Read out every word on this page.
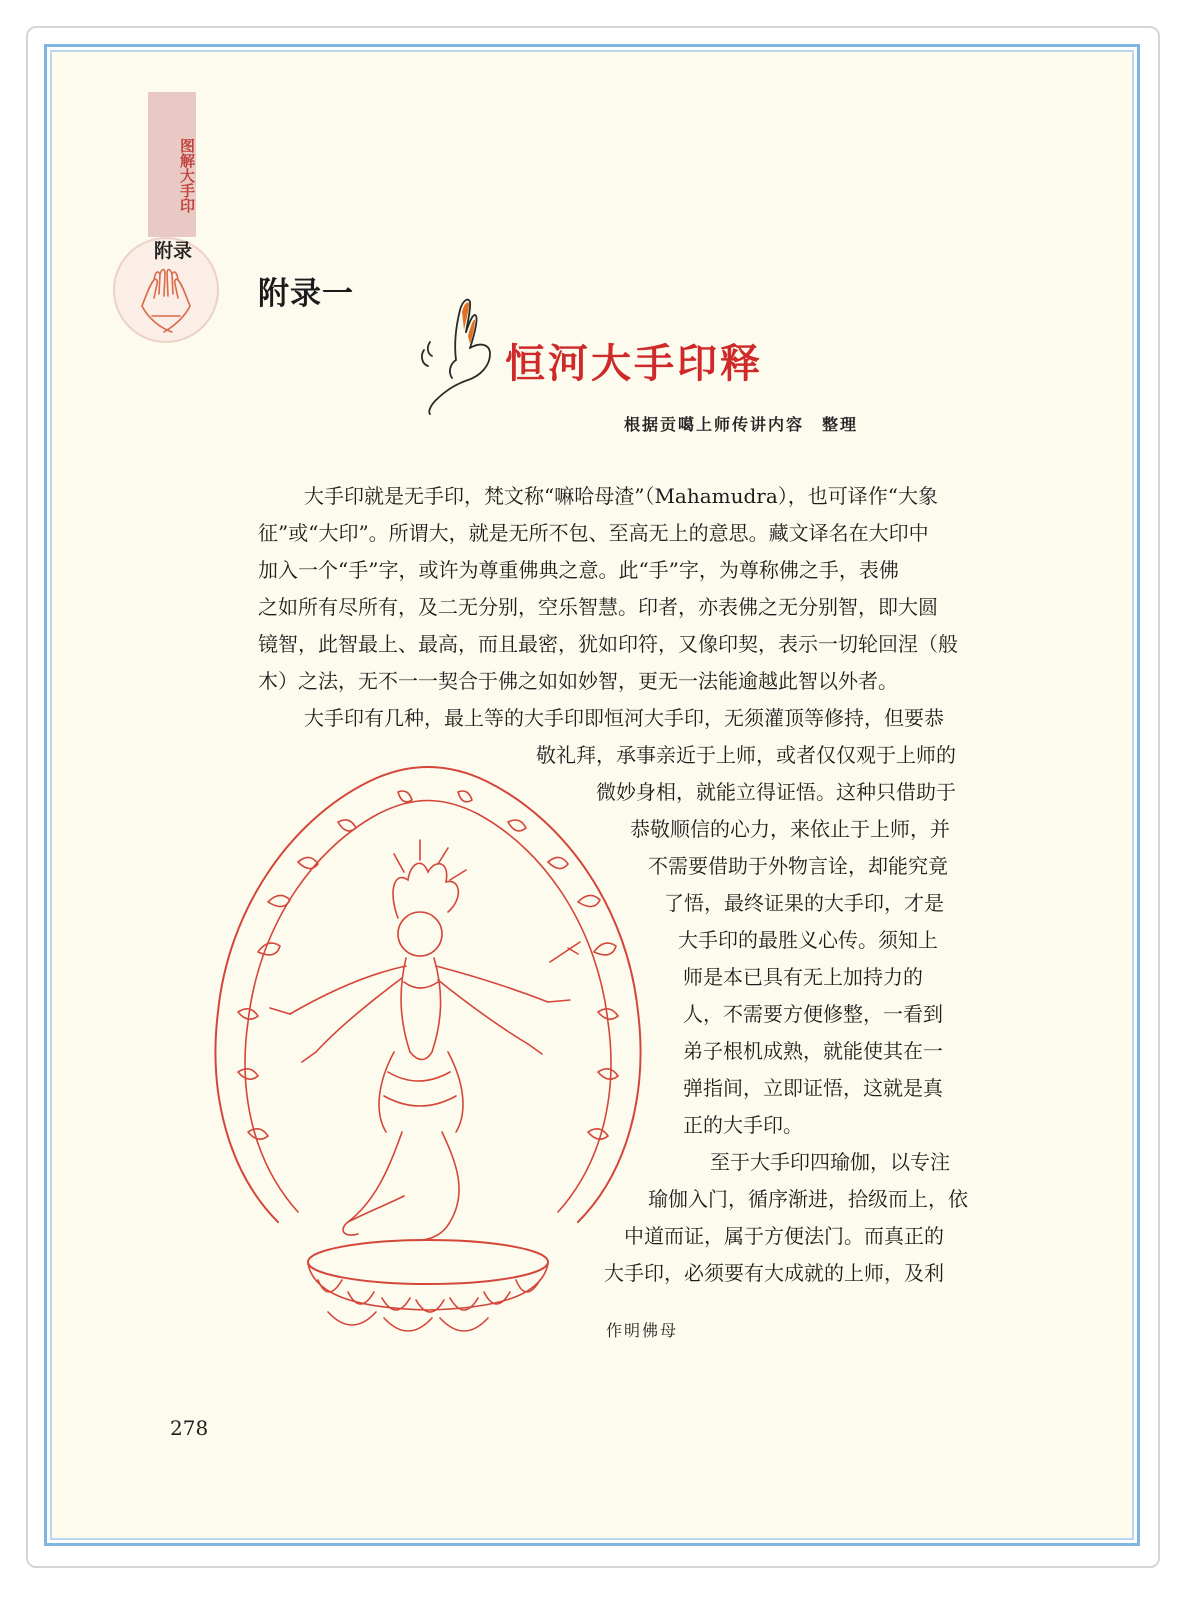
图解大手印
附录
附录一
恒河大手印释
根据贡噶上师传讲内容　整理
大手印就是无手印，梵文称“嘛哈母渣”（Mahamudra），也可译作“大象
征”或“大印”。所谓大，就是无所不包、至高无上的意思。藏文译名在大印中
加入一个“手”字，或许为尊重佛典之意。此“手”字，为尊称佛之手，表佛
之如所有尽所有，及二无分别，空乐智慧。印者，亦表佛之无分别智，即大圆
镜智，此智最上、最高，而且最密，犹如印符，又像印契，表示一切轮回涅（般
木）之法，无不一一契合于佛之如如妙智，更无一法能逾越此智以外者。
大手印有几种，最上等的大手印即恒河大手印，无须灌顶等修持，但要恭
敬礼拜，承事亲近于上师，或者仅仅观于上师的
微妙身相，就能立得证悟。这种只借助于
恭敬顺信的心力，来依止于上师，并
不需要借助于外物言诠，却能究竟
了悟，最终证果的大手印，才是
大手印的最胜义心传。须知上
师是本已具有无上加持力的
人，不需要方便修整，一看到
弟子根机成熟，就能使其在一
弹指间，立即证悟，这就是真
正的大手印。
至于大手印四瑜伽，以专注
瑜伽入门，循序渐进，拾级而上，依
中道而证，属于方便法门。而真正的
大手印，必须要有大成就的上师，及利
作明佛母
278
